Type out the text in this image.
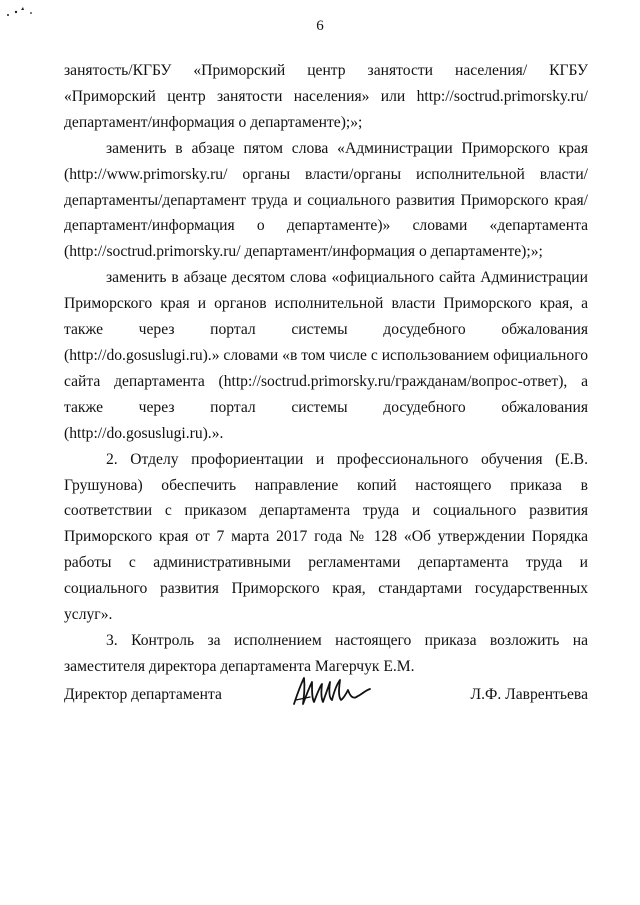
6

занятость/КГБУ «Приморский центр занятости населения/ КГБУ «Приморский центр занятости населения» или http://soctrud.primorsky.ru/ департамент/информация о департаменте);»;

заменить в абзаце пятом слова «Администрации Приморского края (http://www.primorsky.ru/ органы власти/органы исполнительной власти/департаменты/департамент труда и социального развития Приморского края/департамент/информация о департаменте)» словами «департамента (http://soctrud.primorsky.ru/ департамент/информация о департаменте);»;

заменить в абзаце десятом слова «официального сайта Администрации Приморского края и органов исполнительной власти Приморского края, а также через портал системы досудебного обжалования (http://do.gosuslugi.ru).» словами «в том числе с использованием официального сайта департамента (http://soctrud.primorsky.ru/гражданам/вопрос-ответ), а также через портал системы досудебного обжалования (http://do.gosuslugi.ru).».

2. Отделу профориентации и профессионального обучения (Е.В. Грушунова) обеспечить направление копий настоящего приказа в соответствии с приказом департамента труда и социального развития Приморского края от 7 марта 2017 года № 128 «Об утверждении Порядка работы с административными регламентами департамента труда и социального развития Приморского края, стандартами государственных услуг».

3. Контроль за исполнением настоящего приказа возложить на заместителя директора департамента Магерчук Е.М.

Директор департамента	Л.Ф. Лаврентьева
